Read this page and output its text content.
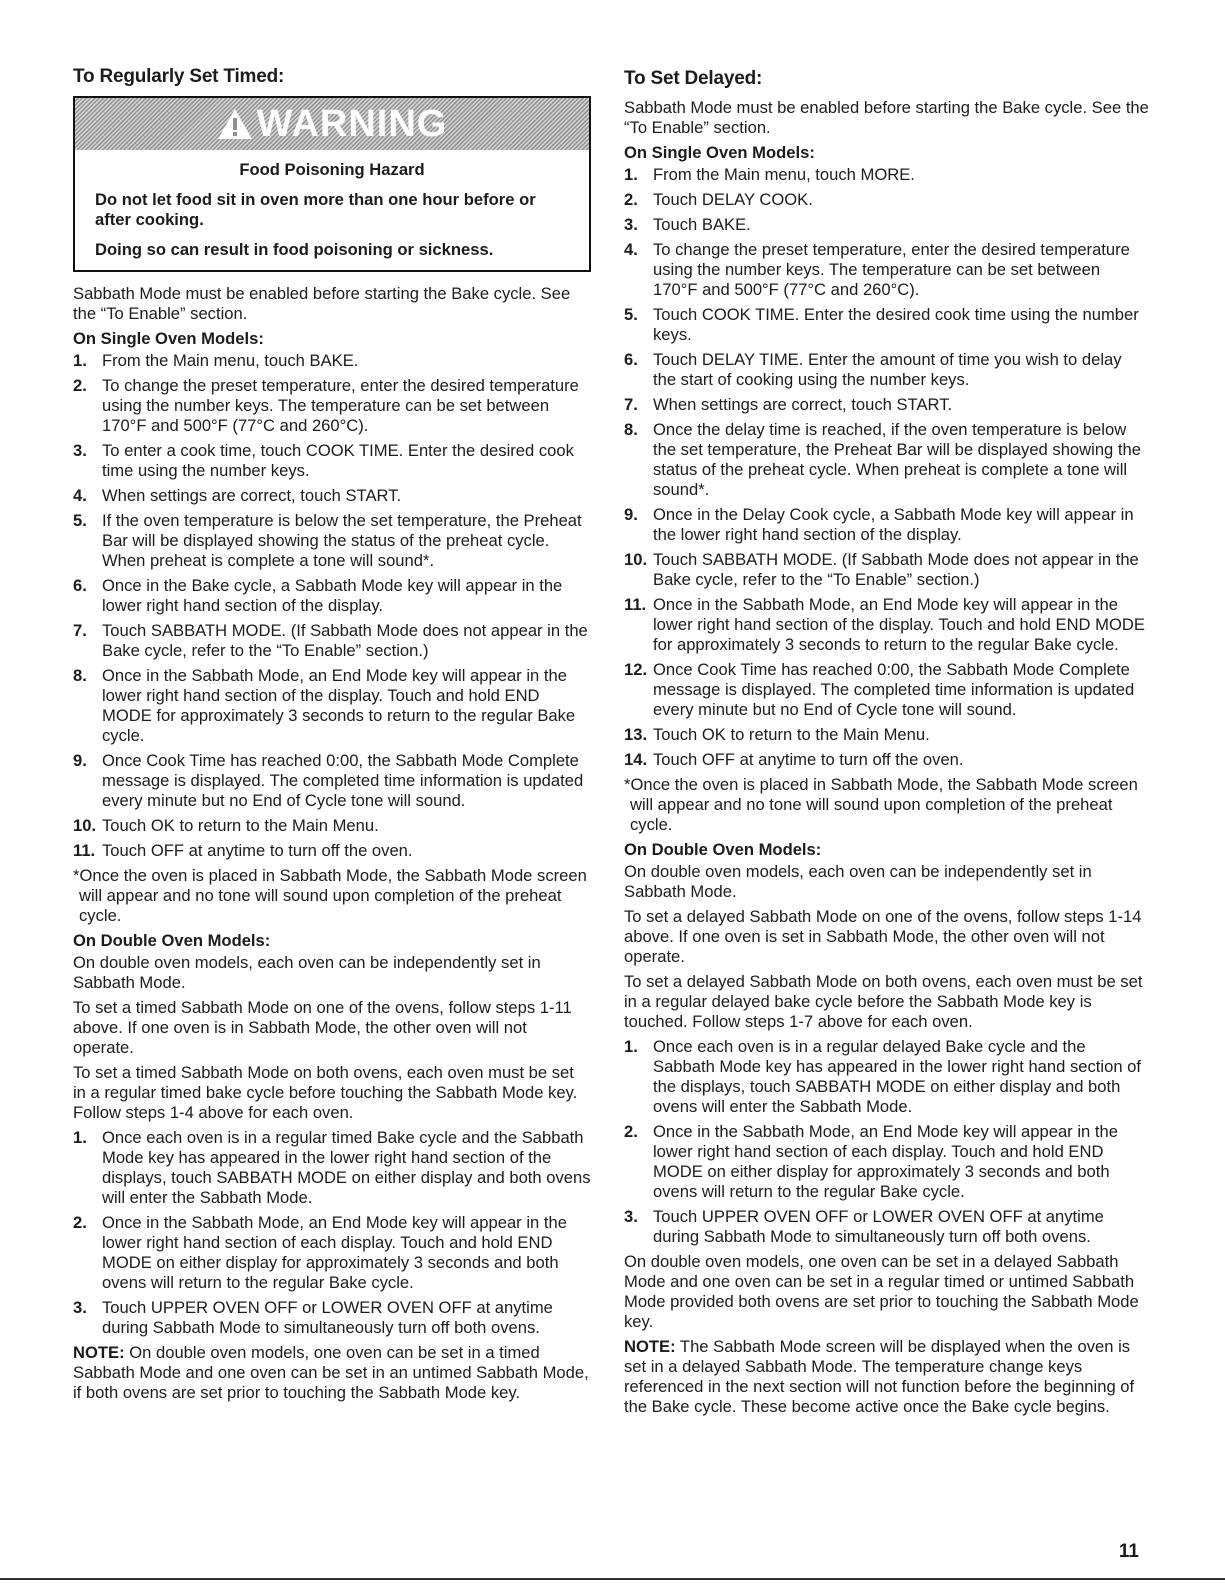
To Regularly Set Timed:
WARNING
Food Poisoning Hazard

Do not let food sit in oven more than one hour before or after cooking.

Doing so can result in food poisoning or sickness.

Sabbath Mode must be enabled before starting the Bake cycle. See the “To Enable” section.

On Single Oven Models:
1. From the Main menu, touch BAKE.
2. To change the preset temperature, enter the desired temperature using the number keys. The temperature can be set between 170°F and 500°F (77°C and 260°C).
3. To enter a cook time, touch COOK TIME. Enter the desired cook time using the number keys.
4. When settings are correct, touch START.
5. If the oven temperature is below the set temperature, the Preheat Bar will be displayed showing the status of the preheat cycle. When preheat is complete a tone will sound*.
6. Once in the Bake cycle, a Sabbath Mode key will appear in the lower right hand section of the display.
7. Touch SABBATH MODE. (If Sabbath Mode does not appear in the Bake cycle, refer to the “To Enable” section.)
8. Once in the Sabbath Mode, an End Mode key will appear in the lower right hand section of the display. Touch and hold END MODE for approximately 3 seconds to return to the regular Bake cycle.
9. Once Cook Time has reached 0:00, the Sabbath Mode Complete message is displayed. The completed time information is updated every minute but no End of Cycle tone will sound.
10. Touch OK to return to the Main Menu.
11. Touch OFF at anytime to turn off the oven.

*Once the oven is placed in Sabbath Mode, the Sabbath Mode screen will appear and no tone will sound upon completion of the preheat cycle.

On Double Oven Models:

On double oven models, each oven can be independently set in Sabbath Mode.

To set a timed Sabbath Mode on one of the ovens, follow steps 1-11 above. If one oven is in Sabbath Mode, the other oven will not operate.

To set a timed Sabbath Mode on both ovens, each oven must be set in a regular timed bake cycle before touching the Sabbath Mode key. Follow steps 1-4 above for each oven.

1. Once each oven is in a regular timed Bake cycle and the Sabbath Mode key has appeared in the lower right hand section of the displays, touch SABBATH MODE on either display and both ovens will enter the Sabbath Mode.
2. Once in the Sabbath Mode, an End Mode key will appear in the lower right hand section of each display. Touch and hold END MODE on either display for approximately 3 seconds and both ovens will return to the regular Bake cycle.
3. Touch UPPER OVEN OFF or LOWER OVEN OFF at anytime during Sabbath Mode to simultaneously turn off both ovens.

NOTE: On double oven models, one oven can be set in a timed Sabbath Mode and one oven can be set in an untimed Sabbath Mode, if both ovens are set prior to touching the Sabbath Mode key.

To Set Delayed:

Sabbath Mode must be enabled before starting the Bake cycle. See the “To Enable” section.

On Single Oven Models:
1. From the Main menu, touch MORE.
2. Touch DELAY COOK.
3. Touch BAKE.
4. To change the preset temperature, enter the desired temperature using the number keys. The temperature can be set between 170°F and 500°F (77°C and 260°C).
5. Touch COOK TIME. Enter the desired cook time using the number keys.
6. Touch DELAY TIME. Enter the amount of time you wish to delay the start of cooking using the number keys.
7. When settings are correct, touch START.
8. Once the delay time is reached, if the oven temperature is below the set temperature, the Preheat Bar will be displayed showing the status of the preheat cycle. When preheat is complete a tone will sound*.
9. Once in the Delay Cook cycle, a Sabbath Mode key will appear in the lower right hand section of the display.
10. Touch SABBATH MODE. (If Sabbath Mode does not appear in the Bake cycle, refer to the “To Enable” section.)
11. Once in the Sabbath Mode, an End Mode key will appear in the lower right hand section of the display. Touch and hold END MODE for approximately 3 seconds to return to the regular Bake cycle.
12. Once Cook Time has reached 0:00, the Sabbath Mode Complete message is displayed. The completed time information is updated every minute but no End of Cycle tone will sound.
13. Touch OK to return to the Main Menu.
14. Touch OFF at anytime to turn off the oven.

*Once the oven is placed in Sabbath Mode, the Sabbath Mode screen will appear and no tone will sound upon completion of the preheat cycle.

On Double Oven Models:

On double oven models, each oven can be independently set in Sabbath Mode.

To set a delayed Sabbath Mode on one of the ovens, follow steps 1-14 above. If one oven is set in Sabbath Mode, the other oven will not operate.

To set a delayed Sabbath Mode on both ovens, each oven must be set in a regular delayed bake cycle before the Sabbath Mode key is touched. Follow steps 1-7 above for each oven.

1. Once each oven is in a regular delayed Bake cycle and the Sabbath Mode key has appeared in the lower right hand section of the displays, touch SABBATH MODE on either display and both ovens will enter the Sabbath Mode.
2. Once in the Sabbath Mode, an End Mode key will appear in the lower right hand section of each display. Touch and hold END MODE on either display for approximately 3 seconds and both ovens will return to the regular Bake cycle.
3. Touch UPPER OVEN OFF or LOWER OVEN OFF at anytime during Sabbath Mode to simultaneously turn off both ovens.

On double oven models, one oven can be set in a delayed Sabbath Mode and one oven can be set in a regular timed or untimed Sabbath Mode provided both ovens are set prior to touching the Sabbath Mode key.

NOTE: The Sabbath Mode screen will be displayed when the oven is set in a delayed Sabbath Mode. The temperature change keys referenced in the next section will not function before the beginning of the Bake cycle. These become active once the Bake cycle begins.

11
